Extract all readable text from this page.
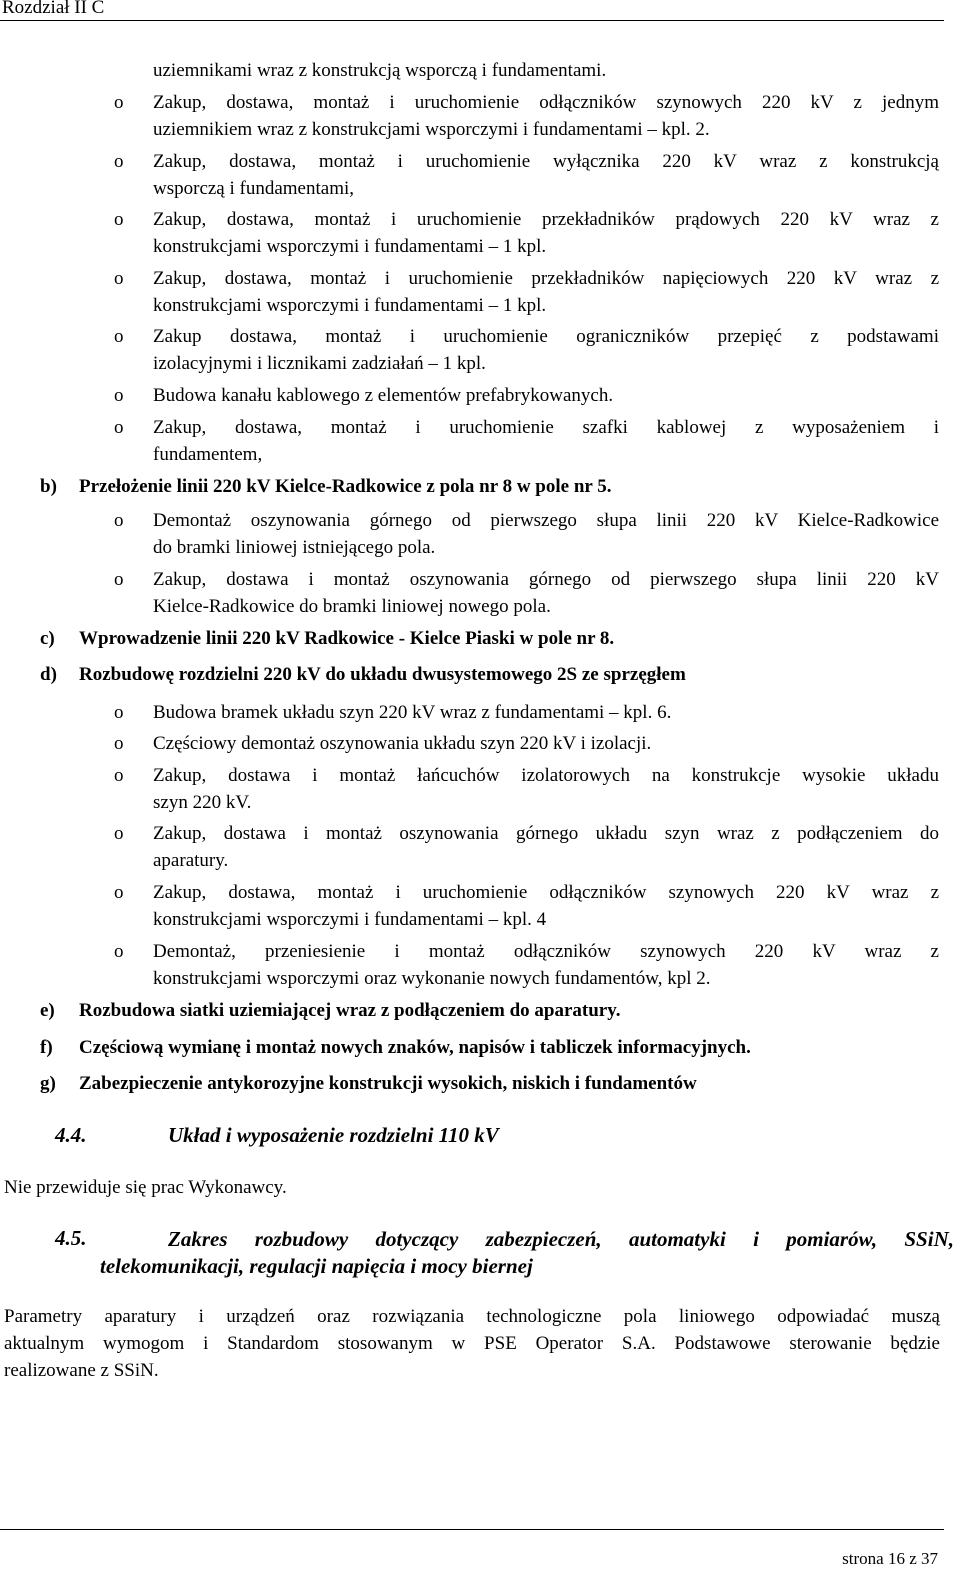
Rozdział II C
uziemnikami wraz z konstrukcją wsporczą i fundamentami.
o Zakup, dostawa, montaż i uruchomienie odłączników szynowych 220 kV z jednym
uziemnikiem wraz z konstrukcjami wsporczymi i fundamentami – kpl. 2.
o Zakup, dostawa, montaż i uruchomienie wyłącznika 220 kV wraz z konstrukcją
wsporczą i fundamentami,
o Zakup, dostawa, montaż i uruchomienie przekładników prądowych 220 kV wraz z
konstrukcjami wsporczymi i fundamentami – 1 kpl.
o Zakup, dostawa, montaż i uruchomienie przekładników napięciowych 220 kV wraz z
konstrukcjami wsporczymi i fundamentami – 1 kpl.
o Zakup dostawa, montaż i uruchomienie ograniczników przepięć z podstawami
izolacyjnymi i licznikami zadziałań – 1 kpl.
o Budowa kanału kablowego z elementów prefabrykowanych.
o Zakup, dostawa, montaż i uruchomienie szafki kablowej z wyposażeniem i
fundamentem,
b) Przełożenie linii 220 kV Kielce-Radkowice z pola nr 8 w pole nr 5.
o Demontaż oszynowania górnego od pierwszego słupa linii 220 kV Kielce-Radkowice
do bramki liniowej istniejącego pola.
o Zakup, dostawa i montaż oszynowania górnego od pierwszego słupa linii 220 kV
Kielce-Radkowice do bramki liniowej nowego pola.
c) Wprowadzenie linii 220 kV Radkowice - Kielce Piaski w pole nr 8.
d) Rozbudowę rozdzielni 220 kV do układu dwusystemowego 2S ze sprzęgłem
o Budowa bramek układu szyn 220 kV wraz z fundamentami – kpl. 6.
o Częściowy demontaż oszynowania układu szyn 220 kV i izolacji.
o Zakup, dostawa i montaż łańcuchów izolatorowych na konstrukcje wysokie układu
szyn 220 kV.
o Zakup, dostawa i montaż oszynowania górnego układu szyn wraz z podłączeniem do
aparatury.
o Zakup, dostawa, montaż i uruchomienie odłączników szynowych 220 kV wraz z
konstrukcjami wsporczymi i fundamentami – kpl. 4
o Demontaż, przeniesienie i montaż odłączników szynowych 220 kV wraz z
konstrukcjami wsporczymi oraz wykonanie nowych fundamentów, kpl 2.
e) Rozbudowa siatki uziemiającej wraz z podłączeniem do aparatury.
f) Częściową wymianę i montaż nowych znaków, napisów i tabliczek informacyjnych.
g) Zabezpieczenie antykorozyjne konstrukcji wysokich, niskich i fundamentów
4.4.	Układ i wyposażenie rozdzielni 110 kV
Nie przewiduje się prac Wykonawcy.
4.5.	Zakres rozbudowy dotyczący zabezpieczeń, automatyki i pomiarów, SSiN,
telekomunikacji, regulacji napięcia i mocy biernej
Parametry aparatury i urządzeń oraz rozwiązania technologiczne pola liniowego odpowiadać muszą
aktualnym wymogom i Standardom stosowanym w PSE Operator S.A. Podstawowe sterowanie będzie
realizowane z SSiN.
strona 16 z 37
